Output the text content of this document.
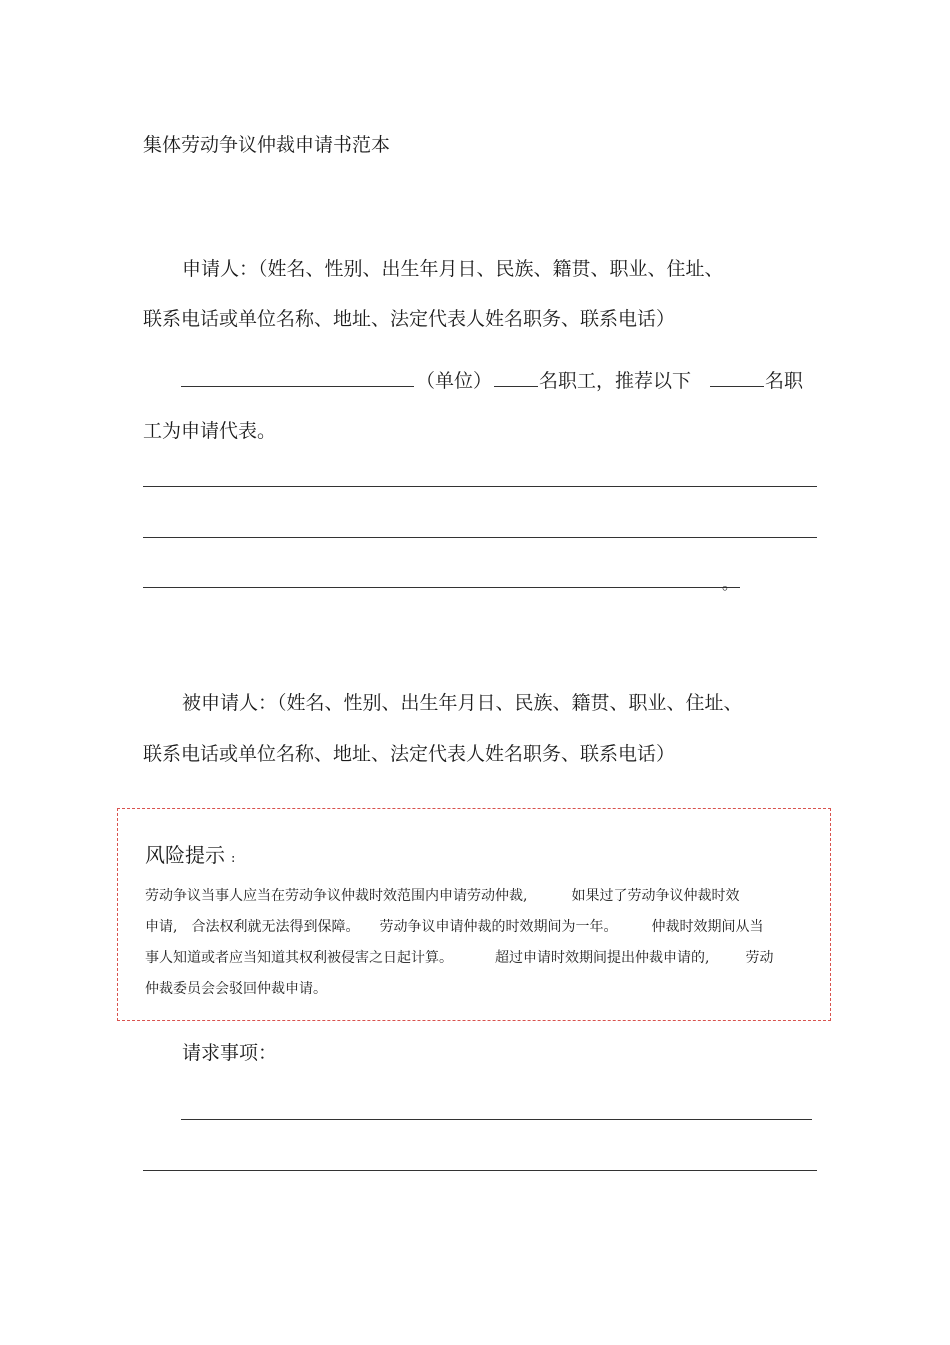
集体劳动争议仲裁申请书范本
申请人：（姓名、性别、出生年月日、民族、籍贯、职业、住址、
联系电话或单位名称、地址、法定代表人姓名职务、联系电话）
（单位） 名职工，推荐以下	名职
工为申请代表。
。
被申请人：（姓名、性别、出生年月日、民族、籍贯、职业、住址、
联系电话或单位名称、地址、法定代表人姓名职务、联系电话）
风险提示 :
劳动争议当事人应当在劳动争议仲裁时效范围内申请劳动仲裁,	如果过了劳动争议仲裁时效
申请, 合法权利就无法得到保障。 劳动争议申请仲裁的时效期间为一年。 仲裁时效期间从当
事人知道或者应当知道其权利被侵害之日起计算。	超过申请时效期间提出仲裁申请的,	劳动
仲裁委员会会驳回仲裁申请。
请求事项：
